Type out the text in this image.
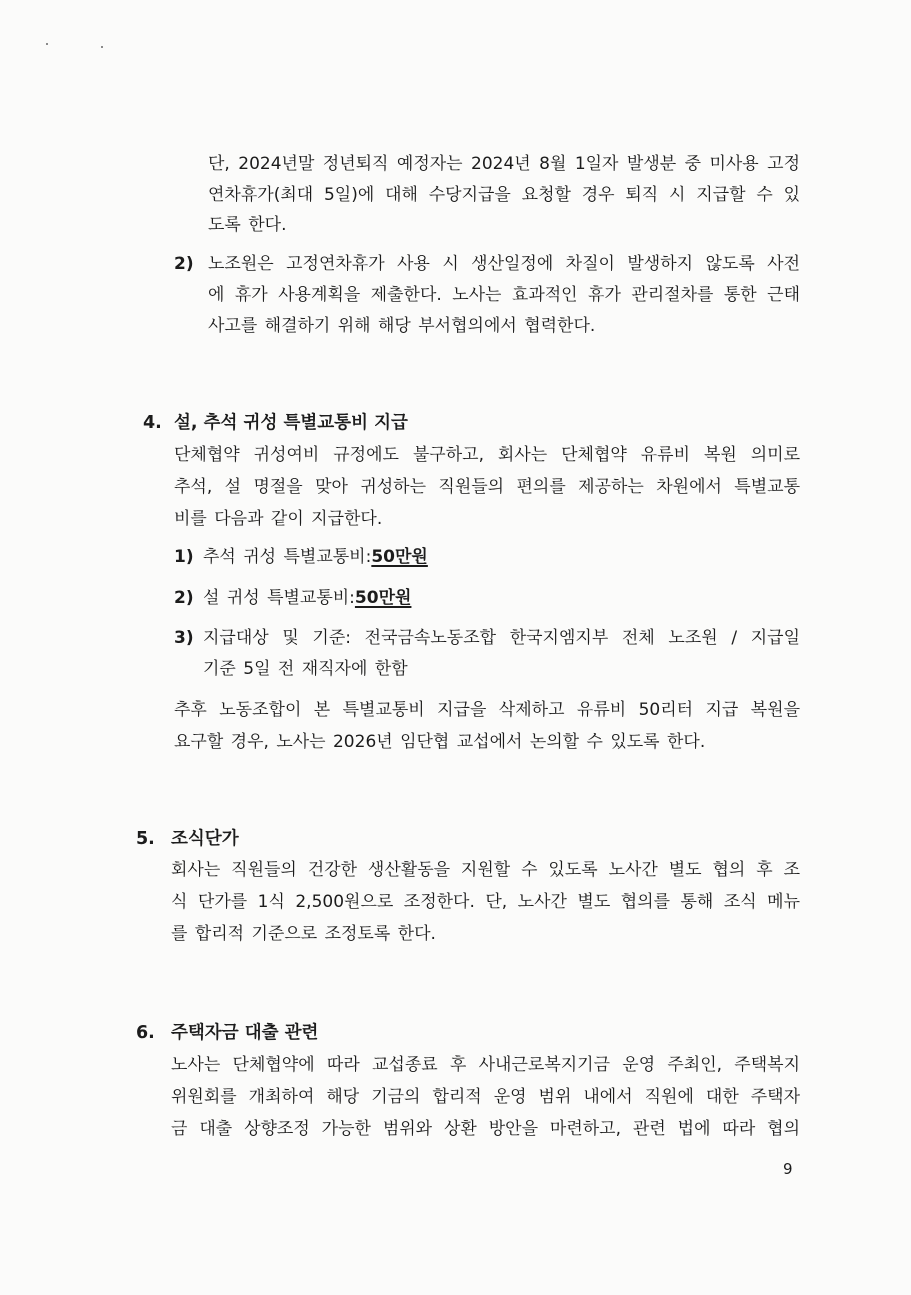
단, 2024년말 정년퇴직 예정자는 2024년 8월 1일자 발생분 중 미사용 고정
연차휴가(최대 5일)에 대해 수당지급을 요청할 경우 퇴직 시 지급할 수 있
도록 한다.
2) 노조원은 고정연차휴가 사용 시 생산일정에 차질이 발생하지 않도록 사전
에 휴가 사용계획을 제출한다. 노사는 효과적인 휴가 관리절차를 통한 근태
사고를 해결하기 위해 해당 부서협의에서 협력한다.
4. 설, 추석 귀성 특별교통비 지급
단체협약 귀성여비 규정에도 불구하고, 회사는 단체협약 유류비 복원 의미로
추석, 설 명절을 맞아 귀성하는 직원들의 편의를 제공하는 차원에서 특별교통
비를 다음과 같이 지급한다.
1) 추석 귀성 특별교통비:50만원
2) 설 귀성 특별교통비:50만원
3) 지급대상 및 기준: 전국금속노동조합 한국지엠지부 전체 노조원 / 지급일
기준 5일 전 재직자에 한함
추후 노동조합이 본 특별교통비 지급을 삭제하고 유류비 50리터 지급 복원을
요구할 경우, 노사는 2026년 임단협 교섭에서 논의할 수 있도록 한다.
5. 조식단가
회사는 직원들의 건강한 생산활동을 지원할 수 있도록 노사간 별도 협의 후 조
식 단가를 1식 2,500원으로 조정한다. 단, 노사간 별도 협의를 통해 조식 메뉴
를 합리적 기준으로 조정토록 한다.
6. 주택자금 대출 관련
노사는 단체협약에 따라 교섭종료 후 사내근로복지기금 운영 주최인, 주택복지
위원회를 개최하여 해당 기금의 합리적 운영 범위 내에서 직원에 대한 주택자
금 대출 상향조정 가능한 범위와 상환 방안을 마련하고, 관련 법에 따라 협의
9
